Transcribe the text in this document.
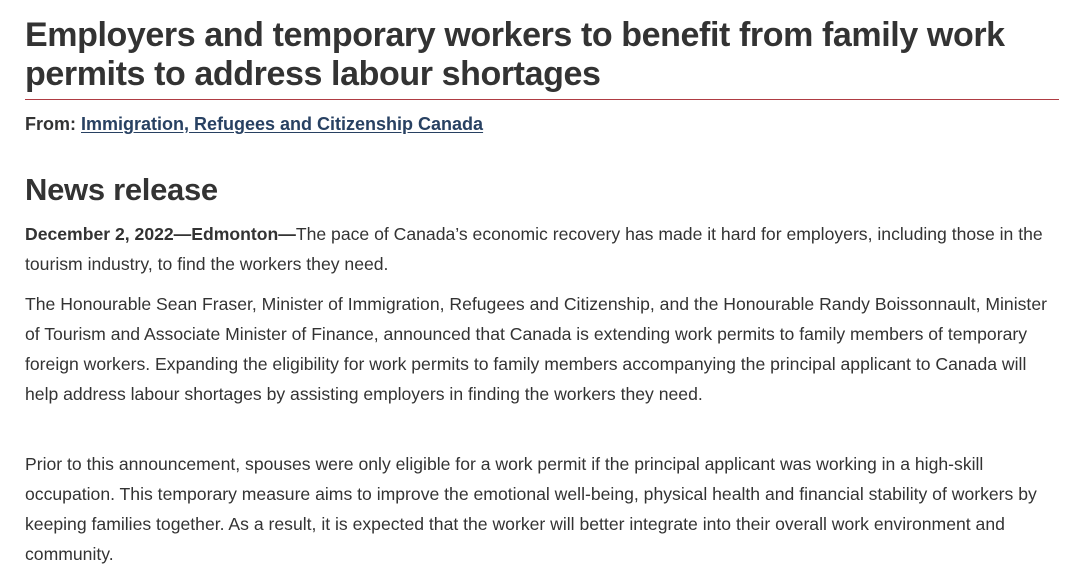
Employers and temporary workers to benefit from family work permits to address labour shortages
From: Immigration, Refugees and Citizenship Canada
News release

December 2, 2022—Edmonton—The pace of Canada’s economic recovery has made it hard for employers, including those in the tourism industry, to find the workers they need.

The Honourable Sean Fraser, Minister of Immigration, Refugees and Citizenship, and the Honourable Randy Boissonnault, Minister of Tourism and Associate Minister of Finance, announced that Canada is extending work permits to family members of temporary foreign workers. Expanding the eligibility for work permits to family members accompanying the principal applicant to Canada will help address labour shortages by assisting employers in finding the workers they need.

Prior to this announcement, spouses were only eligible for a work permit if the principal applicant was working in a high-skill occupation. This temporary measure aims to improve the emotional well-being, physical health and financial stability of workers by keeping families together. As a result, it is expected that the worker will better integrate into their overall work environment and community.
